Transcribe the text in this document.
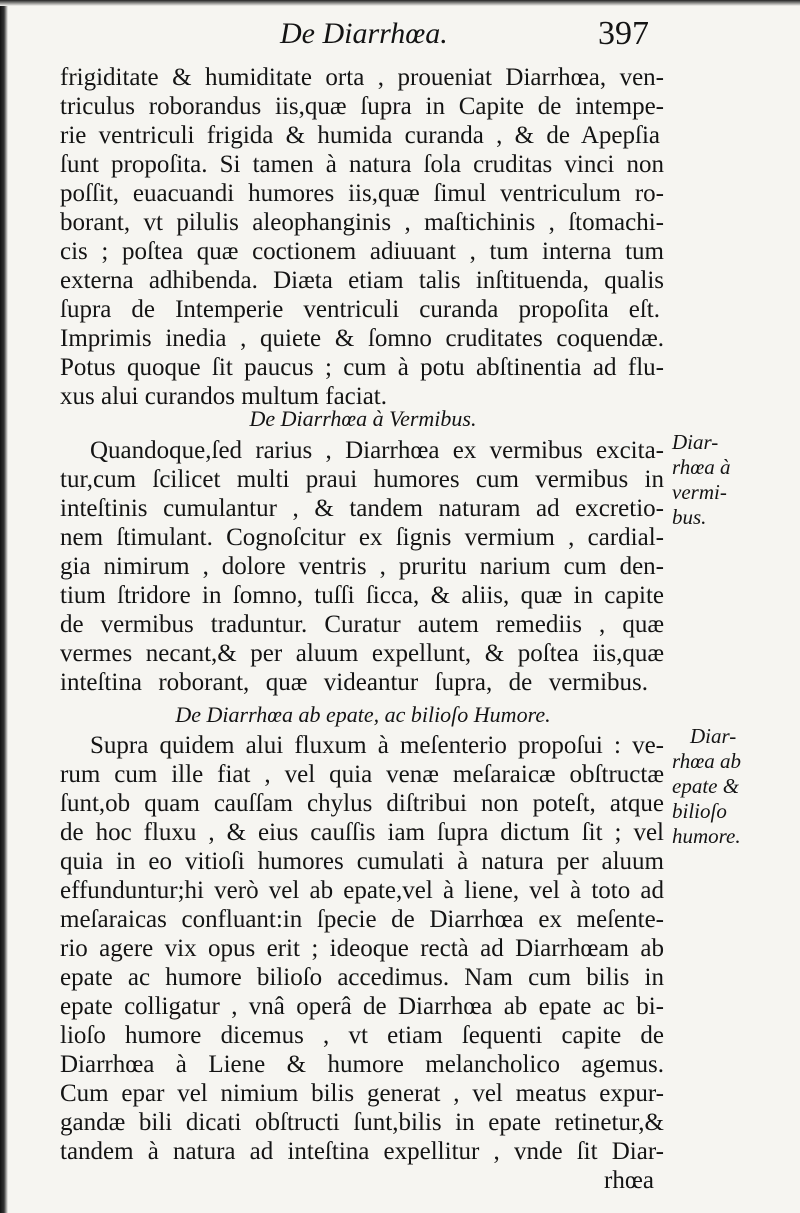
De Diarrhœa.	397
frigiditate & humiditate orta , proueniat Diarrhœa, ven-
triculus roborandus iis,quæ ſupra in Capite de intempe-
rie ventriculi frigida & humida curanda , & de Apepſia
ſunt propoſita. Si tamen à natura ſola cruditas vinci non
poſſit, euacuandi humores iis,quæ ſimul ventriculum ro-
borant, vt pilulis aleophanginis , maſtichinis , ſtomachi-
cis ; poſtea quæ coctionem adiuuant , tum interna tum
externa adhibenda. Diæta etiam talis inſtituenda, qualis
ſupra de Intemperie ventriculi curanda propoſita eſt.
Imprimis inedia , quiete & ſomno cruditates coquendæ.
Potus quoque ſit paucus ; cum à potu abſtinentia ad flu-
xus alui curandos multum faciat.
De Diarrhœa à Vermibus.
Quandoque,ſed rarius , Diarrhœa ex vermibus excita-
tur,cum ſcilicet multi praui humores cum vermibus in
inteſtinis cumulantur , & tandem naturam ad excretio-
nem ſtimulant. Cognoſcitur ex ſignis vermium , cardial-
gia nimirum , dolore ventris , pruritu narium cum den-
tium ſtridore in ſomno, tuſſi ſicca, & aliis, quæ in capite
de vermibus traduntur. Curatur autem remediis , quæ
vermes necant,& per aluum expellunt, & poſtea iis,quæ
inteſtina roborant, quæ videantur ſupra, de vermibus.
Diar-
rhœa à
vermi-
bus.
De Diarrhœa ab epate, ac bilioſo Humore.
Supra quidem alui fluxum à meſenterio propoſui : ve-
rum cum ille fiat , vel quia venæ meſaraicæ obſtructæ
ſunt,ob quam cauſſam chylus diſtribui non poteſt, atque
de hoc fluxu , & eius cauſſis iam ſupra dictum ſit ; vel
quia in eo vitioſi humores cumulati à natura per aluum
effunduntur;hi verò vel ab epate,vel à liene, vel à toto ad
meſaraicas confluant:in ſpecie de Diarrhœa ex meſente-
rio agere vix opus erit ; ideoque rectà ad Diarrhœam ab
epate ac humore bilioſo accedimus. Nam cum bilis in
epate colligatur , vnâ operâ de Diarrhœa ab epate ac bi-
lioſo humore dicemus , vt etiam ſequenti capite de
Diarrhœa à Liene & humore melancholico agemus.
Cum epar vel nimium bilis generat , vel meatus expur-
gandæ bili dicati obſtructi ſunt,bilis in epate retinetur,&
tandem à natura ad inteſtina expellitur , vnde ſit Diar-
Diar-
rhœa ab
epate &
bilioſo
humore.
rhœa
